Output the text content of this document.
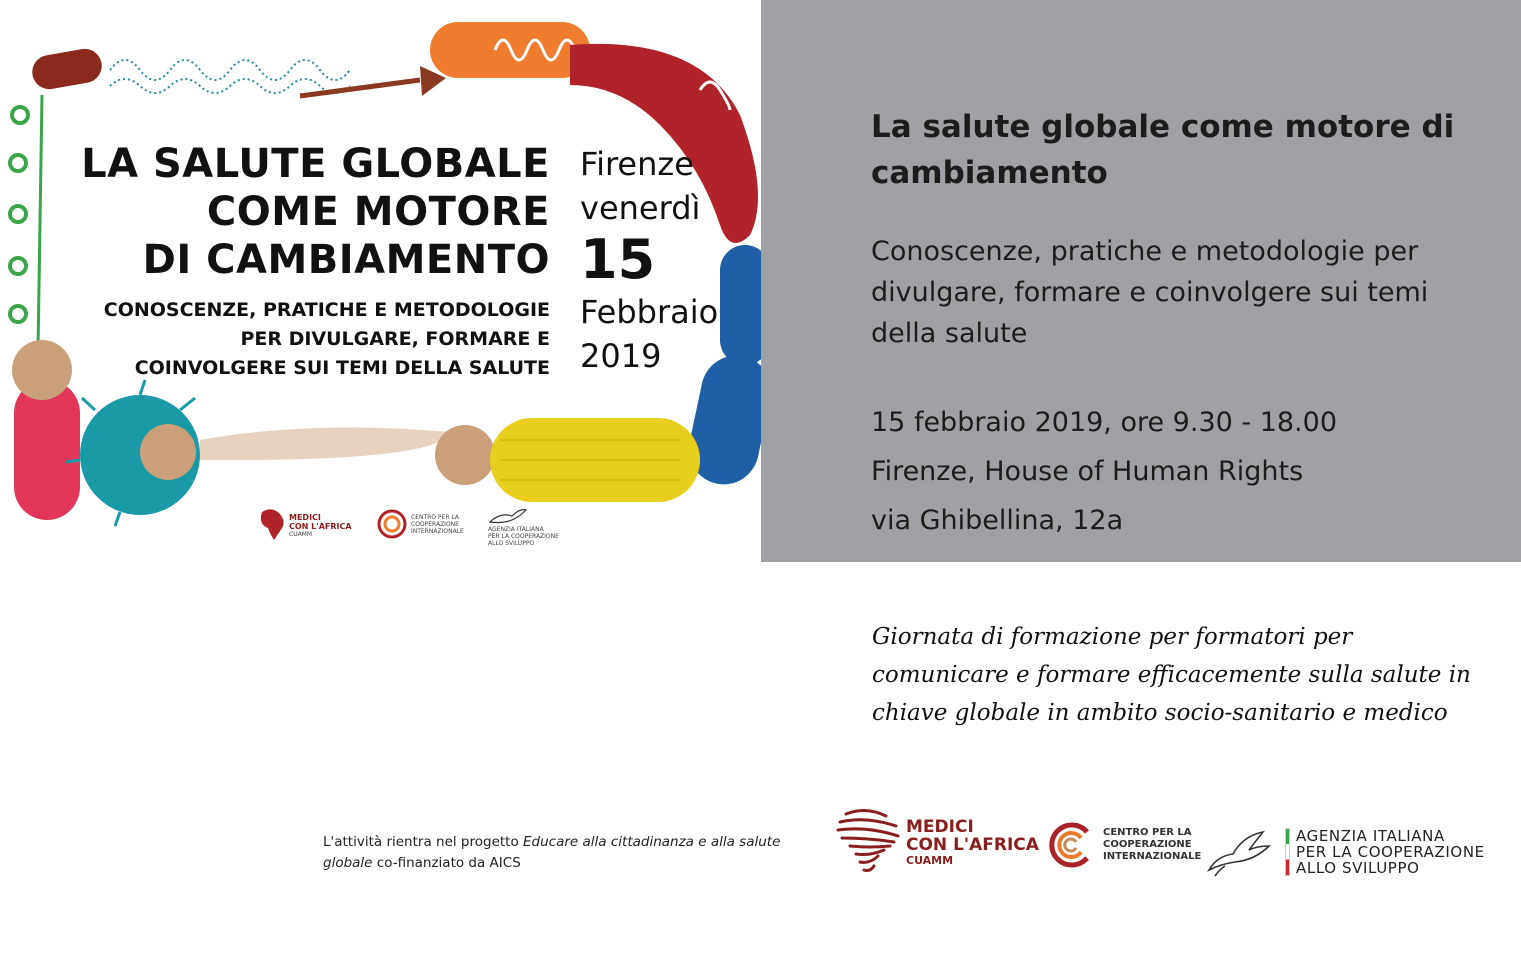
LA SALUTE GLOBALE
COME MOTORE
DI CAMBIAMENTO
CONOSCENZE, PRATICHE E METODOLOGIE
PER DIVULGARE, FORMARE E
COINVOLGERE SUI TEMI DELLA SALUTE
Firenze
venerdì
15
Febbraio
2019
MEDICI
CON L'AFRICA
CUAMM
CENTRO PER LA
COOPERAZIONE
INTERNAZIONALE	AGENZIA ITALIANA
PER LA COOPERAZIONE
ALLO SVILUPPO
La salute globale come motore di cambiamento
Conoscenze, pratiche e metodologie per divulgare, formare e coinvolgere sui temi della salute
15 febbraio 2019, ore 9.30 - 18.00
Firenze, House of Human Rights
via Ghibellina, 12a
Giornata di formazione per formatori per comunicare e formare efficacemente sulla salute in chiave globale in ambito socio-sanitario e medico
L'attività rientra nel progetto Educare alla cittadinanza e alla salute globale co-finanziato da AICS
MEDICI
CON L'AFRICA
CUAMM
CENTRO PER LA
COOPERAZIONE
INTERNAZIONALE
AGENZIA ITALIANA
PER LA COOPERAZIONE
ALLO SVILUPPO
